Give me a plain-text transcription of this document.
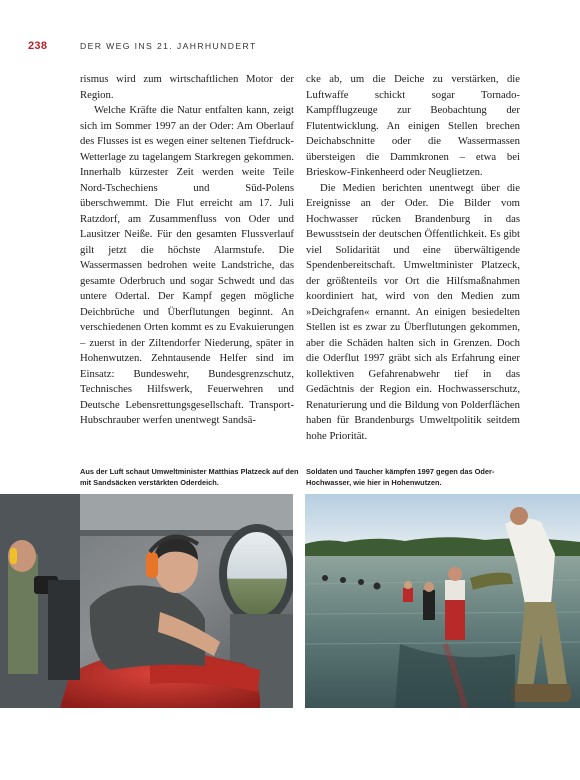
238	DER WEG INS 21. JAHRHUNDERT

rismus wird zum wirtschaftlichen Motor der Region.

Welche Kräfte die Natur entfalten kann, zeigt sich im Sommer 1997 an der Oder: Am Oberlauf des Flusses ist es wegen einer seltenen Tiefdruck-Wetterlage zu tagelangem Starkregen gekommen. Innerhalb kürzester Zeit werden weite Teile Nord-Tschechiens und Süd-Polens überschwemmt. Die Flut erreicht am 17. Juli Ratzdorf, am Zusammenfluss von Oder und Lausitzer Neiße. Für den gesamten Flussverlauf gilt jetzt die höchste Alarmstufe. Die Wassermassen bedrohen weite Landstriche, das gesamte Oderbruch und sogar Schwedt und das untere Odertal. Der Kampf gegen mögliche Deichbrüche und Überflutungen beginnt. An verschiedenen Orten kommt es zu Evakuierungen – zuerst in der Ziltendorfer Niederung, später in Hohenwutzen. Zehntausende Helfer sind im Einsatz: Bundeswehr, Bundesgrenzschutz, Technisches Hilfswerk, Feuerwehren und Deutsche Lebensrettungsgesellschaft. Transport-Hubschrauber werfen unentwegt Sandsä-

cke ab, um die Deiche zu verstärken, die Luftwaffe schickt sogar Tornado-Kampfflugzeuge zur Beobachtung der Flutentwicklung. An einigen Stellen brechen Deichabschnitte oder die Wassermassen übersteigen die Dammkronen – etwa bei Brieskow-Finkenheerd oder Neuglietzen.

Die Medien berichten unentwegt über die Ereignisse an der Oder. Die Bilder vom Hochwasser rücken Brandenburg in das Bewusstsein der deutschen Öffentlichkeit. Es gibt viel Solidarität und eine überwältigende Spendenbereitschaft. Umweltminister Platzeck, der größtenteils vor Ort die Hilfsmaßnahmen koordiniert hat, wird von den Medien zum »Deichgrafen« ernannt. An einigen besiedelten Stellen ist es zwar zu Überflutungen gekommen, aber die Schäden halten sich in Grenzen. Doch die Oderflut 1997 gräbt sich als Erfahrung einer kollektiven Gefahrenabwehr tief in das Gedächtnis der Region ein. Hochwasserschutz, Renaturierung und die Bildung von Polderflächen haben für Brandenburgs Umweltpolitik seitdem hohe Priorität.

Aus der Luft schaut Umweltminister Matthias Platzeck auf den mit Sandsäcken verstärkten Oderdeich.
Soldaten und Taucher kämpfen 1997 gegen das Oder-Hochwasser, wie hier in Hohenwutzen.
